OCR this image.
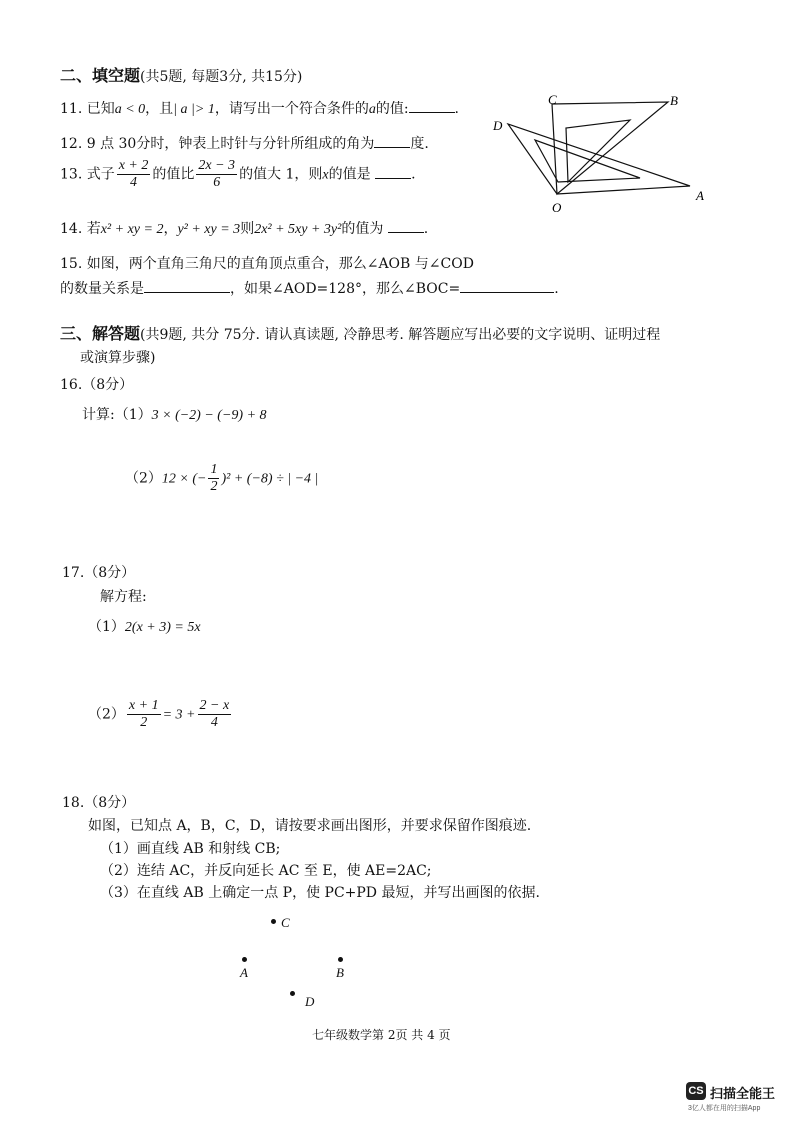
二、填空题(共5题, 每题3分, 共15分)
11. 已知a < 0，且| a |> 1，请写出一个符合条件的a的值:	.
12. 9 点 30分时，钟表上时针与分针所组成的角为	度.
13. 式子 $\frac{x + 2}{4}$ 的值比 $\frac{2x - 3}{6}$ 的值大 1，则x的值是	.
14. 若x² + xy = 2，y² + xy = 3则2x² + 5xy + 3y²的值为	.
15. 如图，两个直角三角尺的直角顶点重合，那么∠AOB 与∠COD
的数量关系是	，如果∠AOD=128°，那么∠BOC=	.
C	B
D
O
A
三、解答题(共9题, 共分 75分. 请认真读题, 冷静思考. 解答题应写出必要的文字说明、证明过程
或演算步骤)
16.（8分）
计算:（1）3 × (−2) − (−9) + 8
（2）12 × (− $\frac{1}{2} )^2 + (-8)$ ÷ | −4 |
17.（8分）
解方程:
（1）2(x + 3) = 5x
$(2) \frac{x + 1}{2} = 3 + \frac{2 - x}{4}$
18.（8分）
如图，已知点 A，B，C，D，请按要求画出图形，并要求保留作图痕迹.
（1）画直线 AB 和射线 CB;
（2）连结 AC，并反向延长 AC 至 E，使 AE=2AC;
（3）在直线 AB 上确定一点 P，使 PC+PD 最短，并写出画图的依据.
C
A	B
D
七年级数学第 2页 共 4 页
CS 扫描全能王
3亿人都在用的扫描App
